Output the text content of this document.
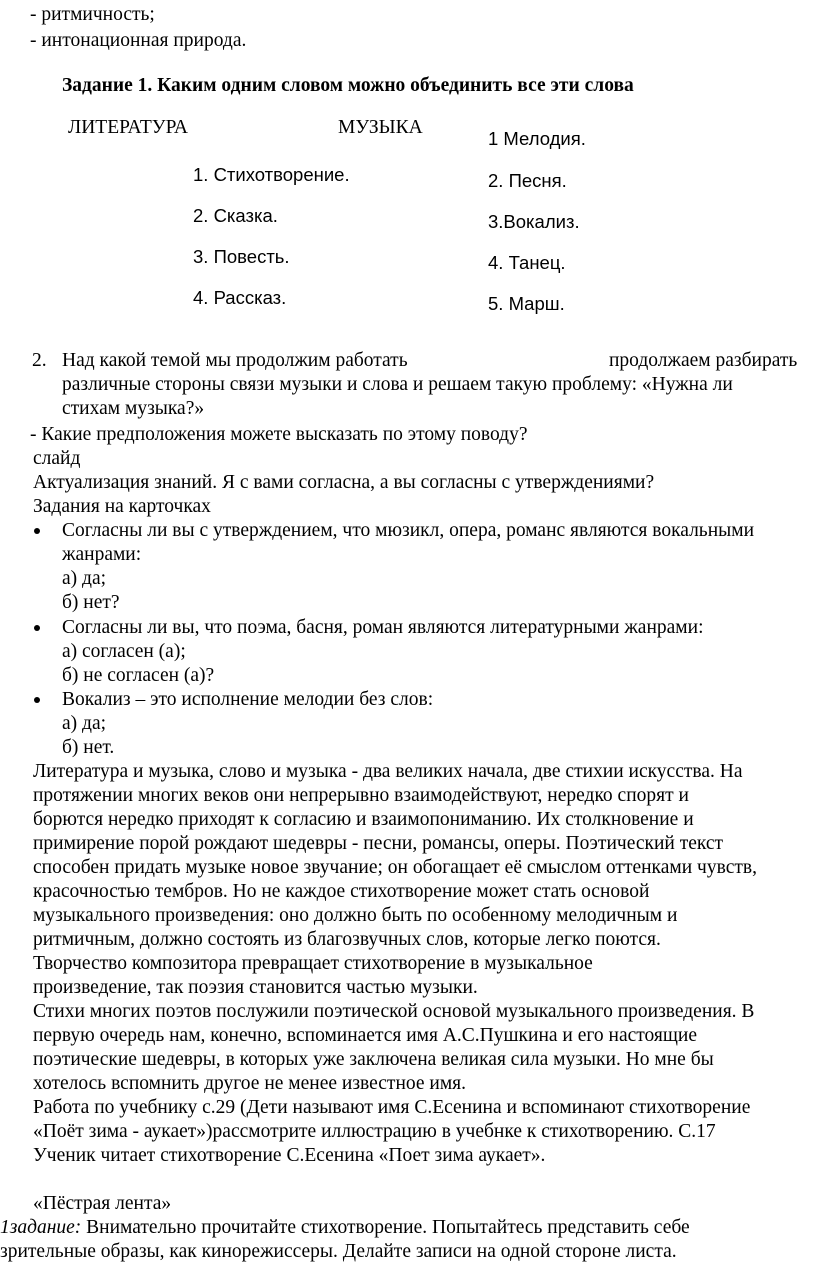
- ритмичность;
- интонационная природа.
Задание 1. Каким одним словом можно объединить все эти слова
ЛИТЕРАТУРА	МУЗЫКА
1. Стихотворение.
2. Сказка.
3. Повесть.
4. Рассказ.
1 Мелодия.
2. Песня.
3.Вокализ.
4. Танец.
5. Марш.
2. Над какой темой мы продолжим работать	продолжаем разбирать
различные стороны связи музыки и слова и решаем такую проблему: «Нужна ли
стихам музыка?»
- Какие предположения можете высказать по этому поводу?
слайд
Актуализация знаний. Я с вами согласна, а вы согласны с утверждениями?
Задания на карточках
Согласны ли вы с утверждением, что мюзикл, опера, романс являются вокальными
жанрами:
а) да;
б) нет?
Согласны ли вы, что поэма, басня, роман являются литературными жанрами:
а) согласен (а);
б) не согласен (а)?
Вокализ – это исполнение мелодии без слов:
а) да;
б) нет.
Литература и музыка, слово и музыка - два великих начала, две стихии искусства. На
протяжении многих веков они непрерывно взаимодействуют, нередко спорят и
борются нередко приходят к согласию и взаимопониманию. Их столкновение и
примирение порой рождают шедевры - песни, романсы, оперы. Поэтический текст
способен придать музыке новое звучание; он обогащает её смыслом оттенками чувств,
красочностью тембров. Но не каждое стихотворение может стать основой
музыкального произведения: оно должно быть по особенному мелодичным и
ритмичным, должно состоять из благозвучных слов, которые легко поются.
Творчество композитора превращает стихотворение в музыкальное
произведение, так поэзия становится частью музыки.
Стихи многих поэтов послужили поэтической основой музыкального произведения. В
первую очередь нам, конечно, вспоминается имя А.С.Пушкина и его настоящие
поэтические шедевры, в которых уже заключена великая сила музыки. Но мне бы
хотелось вспомнить другое не менее известное имя.
Работа по учебнику с.29 (Дети называют имя С.Есенина и вспоминают стихотворение
«Поёт зима - аукает»)рассмотрите иллюстрацию в учебнке к стихотворению. С.17
Ученик читает стихотворение С.Есенина «Поет зима аукает».
«Пёстрая лента»
1задание: Внимательно прочитайте стихотворение. Попытайтесь представить себе
зрительные образы, как кинорежиссеры. Делайте записи на одной стороне листа.
